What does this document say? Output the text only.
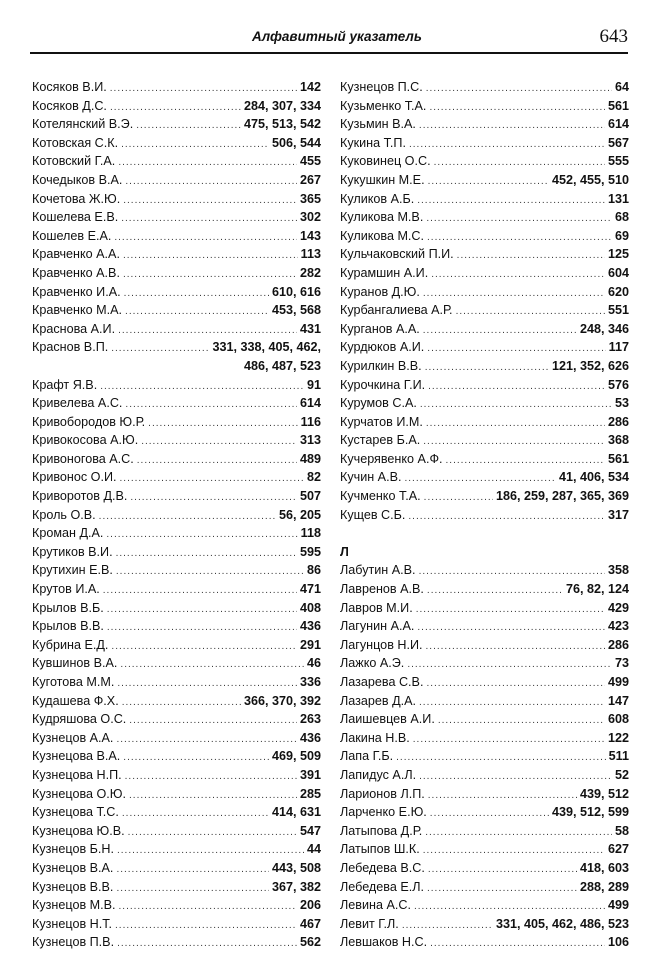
Алфавитный указатель	643
Косяков В.И. .....	142
Косяков Д.С. .....	284, 307, 334
Котелянский В.Э. .....	475, 513, 542
Котовская С.К. .....	506, 544
Котовский Г.А. .....	455
Кочедыков В.А. .....	267
Кочетова Ж.Ю. .....	365
Кошелева Е.В. .....	302
Кошелев Е.А. .....	143
Кравченко А.А. .....	113
Кравченко А.В. .....	282
Кравченко И.А. .....	610, 616
Кравченко М.А. .....	453, 568
Краснова А.И. .....	431
Краснов В.П. .....	331, 338, 405, 462,
486, 487, 523
Крафт Я.В. .....	91
Кривелева А.С. .....	614
Кривобородов Ю.Р. .....	116
Кривокосова А.Ю. .....	313
Кривоногова А.С. .....	489
Кривонос О.И. .....	82
Криворотов Д.В. .....	507
Кроль О.В. .....	56, 205
Кроман Д.А. .....	118
Крутиков В.И. .....	595
Крутихин Е.В. .....	86
Крутов И.А. .....	471
Крылов В.Б. .....	408
Крылов В.В. .....	436
Кубрина Е.Д. .....	291
Кувшинов В.А. .....	46
Куготова М.М. .....	336
Кудашева Ф.Х. .....	366, 370, 392
Кудряшова О.С. .....	263
Кузнецов А.А. .....	436
Кузнецова В.А. .....	469, 509
Кузнецова Н.П. .....	391
Кузнецова О.Ю. .....	285
Кузнецова Т.С. .....	414, 631
Кузнецова Ю.В. .....	547
Кузнецов Б.Н. .....	44
Кузнецов В.А. .....	443, 508
Кузнецов В.В. .....	367, 382
Кузнецов М.В. .....	206
Кузнецов Н.Т. .....	467
Кузнецов П.В. .....	562
Кузнецов П.С. .....	64
Кузьменко Т.А. .....	561
Кузьмин В.А. .....	614
Кукина Т.П. .....	567
Куковинец О.С. .....	555
Кукушкин М.Е. .....	452, 455, 510
Куликов А.Б. .....	131
Куликова М.В. .....	68
Куликова М.С. .....	69
Кульчаковский П.И. .....	125
Курамшин А.И. .....	604
Куранов Д.Ю. .....	620
Курбангалиева А.Р. .....	551
Курганов А.А. .....	248, 346
Курдюков А.И. .....	117
Курилкин В.В. .....	121, 352, 626
Курочкина Г.И. .....	576
Курумов С.А. .....	53
Курчатов И.М. .....	286
Кустарев Б.А. .....	368
Кучерявенко А.Ф. .....	561
Кучин А.В. .....	41, 406, 534
Кучменко Т.А. .....	186, 259, 287, 365, 369
Кущев С.Б. .....	317
Л
Лабутин А.В. .....	358
Лавренов А.В. .....	76, 82, 124
Лавров М.И. .....	429
Лагунин А.А. .....	423
Лагунцов Н.И. .....	286
Лажко А.Э. .....	73
Лазарева С.В. .....	499
Лазарев Д.А. .....	147
Лаишевцев А.И. .....	608
Лакина Н.В. .....	122
Лапа Г.Б. .....	511
Лапидус А.Л. .....	52
Ларионов Л.П. .....	439, 512
Ларченко Е.Ю. .....	439, 512, 599
Латыпова Д.Р. .....	58
Латыпов Ш.К. .....	627
Лебедева В.С. .....	418, 603
Лебедева Е.Л. .....	288, 289
Левина А.С. .....	499
Левит Г.Л. .....	331, 405, 462, 486, 523
Левшаков Н.С. .....	106
